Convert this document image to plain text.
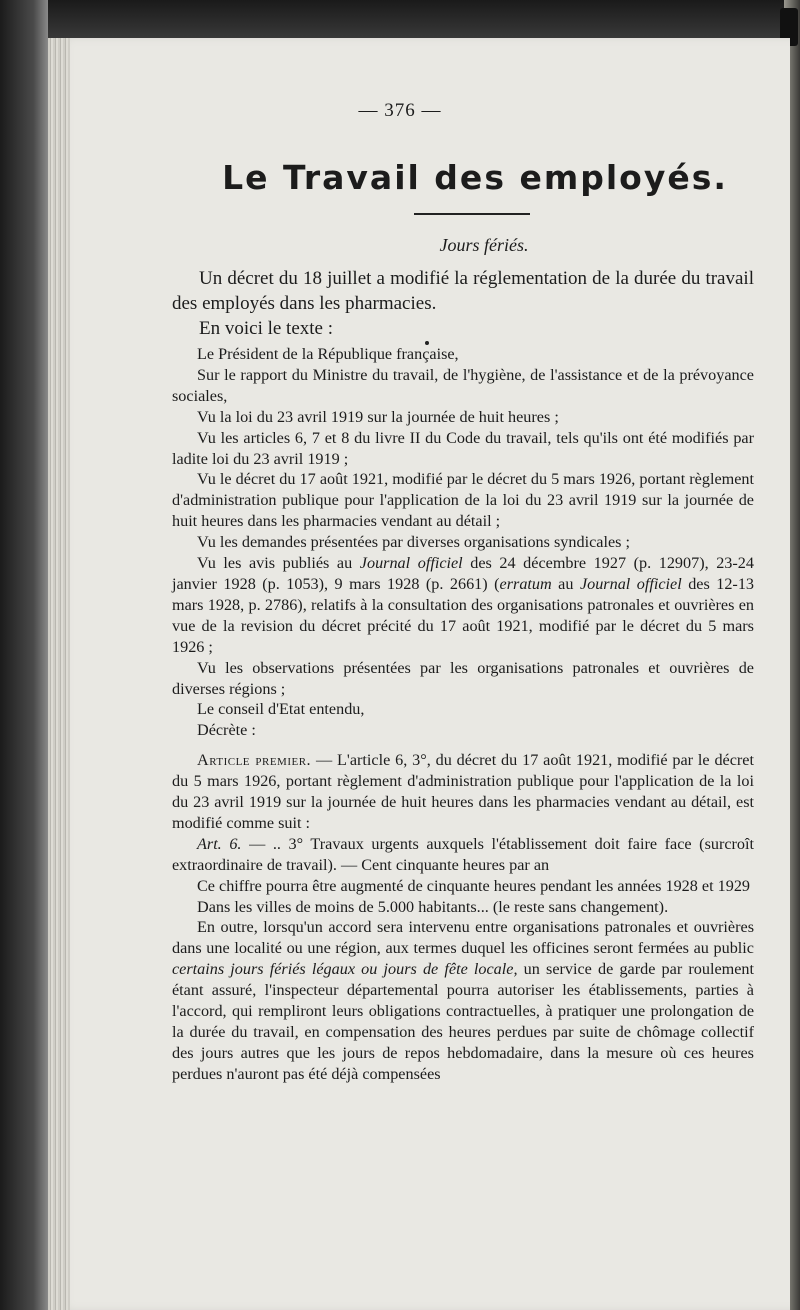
— 376 —
Le Travail des employés.
Jours fériés.

Un décret du 18 juillet a modifié la réglementation de la durée du travail des employés dans les pharmacies.

En voici le texte :

Le Président de la République française,

Sur le rapport du Ministre du travail, de l'hygiène, de l'assistance et de la prévoyance sociales,

Vu la loi du 23 avril 1919 sur la journée de huit heures ;

Vu les articles 6, 7 et 8 du livre II du Code du travail, tels qu'ils ont été modifiés par ladite loi du 23 avril 1919 ;

Vu le décret du 17 août 1921, modifié par le décret du 5 mars 1926, portant règlement d'administration publique pour l'application de la loi du 23 avril 1919 sur la journée de huit heures dans les pharmacies vendant au détail ;

Vu les demandes présentées par diverses organisations syndicales ;

Vu les avis publiés au Journal officiel des 24 décembre 1927 (p. 12907), 23-24 janvier 1928 (p. 1053), 9 mars 1928 (p. 2661) (erratum au Journal officiel des 12-13 mars 1928, p. 2786), relatifs à la consultation des organisations patronales et ouvrières en vue de la revision du décret précité du 17 août 1921, modifié par le décret du 5 mars 1926 ;

Vu les observations présentées par les organisations patronales et ouvrières de diverses régions ;

Le conseil d'Etat entendu,

Décrète :

Article premier. — L'article 6, 3°, du décret du 17 août 1921, modifié par le décret du 5 mars 1926, portant règlement d'administration publique pour l'application de la loi du 23 avril 1919 sur la journée de huit heures dans les pharmacies vendant au détail, est modifié comme suit :

Art. 6. — .. 3° Travaux urgents auxquels l'établissement doit faire face (surcroît extraordinaire de travail). — Cent cinquante heures par an

Ce chiffre pourra être augmenté de cinquante heures pendant les années 1928 et 1929

Dans les villes de moins de 5.000 habitants... (le reste sans changement).

En outre, lorsqu'un accord sera intervenu entre organisations patronales et ouvrières dans une localité ou une région, aux termes duquel les officines seront fermées au public certains jours fériés légaux ou jours de fête locale, un service de garde par roulement étant assuré, l'inspecteur départemental pourra autoriser les établissements, parties à l'accord, qui rempliront leurs obligations contractuelles, à pratiquer une prolongation de la durée du travail, en compensation des heures perdues par suite de chômage collectif des jours autres que les jours de repos hebdomadaire, dans la mesure où ces heures perdues n'auront pas été déjà compensées
